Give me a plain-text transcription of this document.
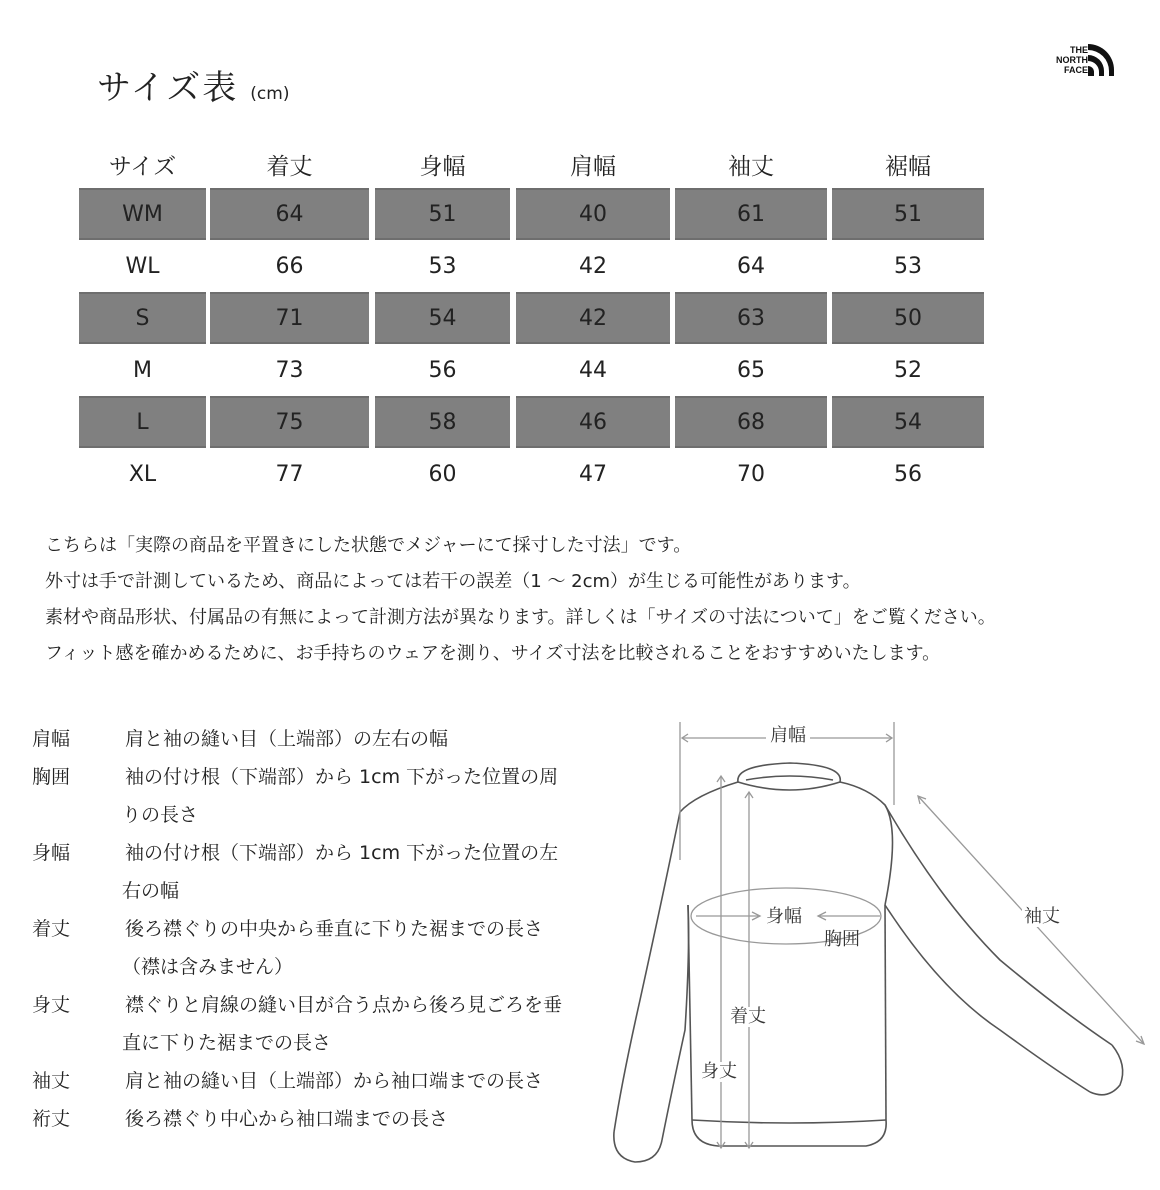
サイズ表 (cm)
THE
NORTH
FACE
サイズ	着丈	身幅	肩幅	袖丈	裾幅
WM	64	51	40	61	51
WL	66	53	42	64	53
S	71	54	42	63	50
M	73	56	44	65	52
L	75	58	46	68	54
XL	77	60	47	70	56
こちらは「実際の商品を平置きにした状態でメジャーにて採寸した寸法」です。
外寸は手で計測しているため、商品によっては若干の誤差（1 ～ 2cm）が生じる可能性があります。
素材や商品形状、付属品の有無によって計測方法が異なります。詳しくは「サイズの寸法について」をご覧ください。
フィット感を確かめるために、お手持ちのウェアを測り、サイズ寸法を比較されることをおすすめいたします。
肩幅	肩と袖の縫い目（上端部）の左右の幅
胸囲	袖の付け根（下端部）から 1cm 下がった位置の周
りの長さ
身幅	袖の付け根（下端部）から 1cm 下がった位置の左
右の幅
着丈	後ろ襟ぐりの中央から垂直に下りた裾までの長さ
（襟は含みません）
身丈	襟ぐりと肩線の縫い目が合う点から後ろ見ごろを垂
直に下りた裾までの長さ
袖丈	肩と袖の縫い目（上端部）から袖口端までの長さ
裄丈	後ろ襟ぐり中心から袖口端までの長さ
肩幅
身幅
胸囲
袖丈
着丈
身丈
